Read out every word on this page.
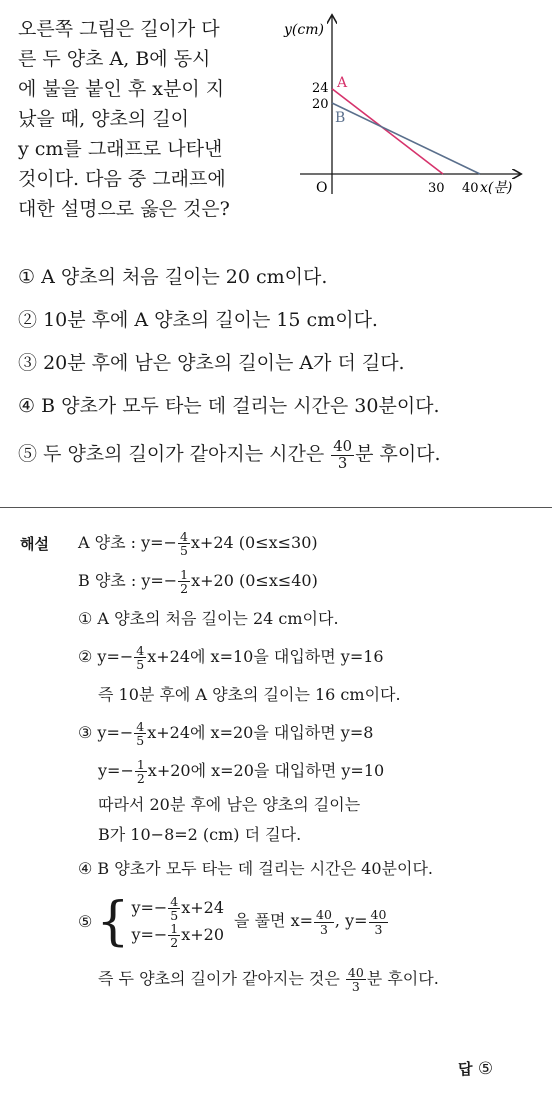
오른쪽 그림은 길이가 다
른 두 양초 A, B에 동시
에 불을 붙인 후 x분이 지
났을 때, 양초의 길이
y cm를 그래프로 나타낸
것이다. 다음 중 그래프에
대한 설명으로 옳은 것은?
y(cm)
x(분)
O
24
20
30 40
A
B
① A 양초의 처음 길이는 20 cm이다.
② 10분 후에 A 양초의 길이는 15 cm이다.
③ 20분 후에 남은 양초의 길이는 A가 더 길다.
④ B 양초가 모두 타는 데 걸리는 시간은 30분이다.
⑤ 두 양초의 길이가 같아지는 시간은 $\frac{40}{3}$ 분 후이다.
해설 A 양초 : $y=- \frac{4}{5} x+24$ (0≤x≤30)
B 양초 : $y=- \frac{1}{2} x+20$ (0≤x≤40)
① A 양초의 처음 길이는 24 cm이다.
② $y=- \frac{4}{5} x+24$에 x=10을 대입하면 y=16
즉 10분 후에 A 양초의 길이는 16 cm이다.
③ $y=- \frac{4}{5} x+24$에 x=20을 대입하면 y=8
$y=- \frac{1}{2} x+20$에 x=20을 대입하면 y=10
따라서 20분 후에 남은 양초의 길이는
B가 10−8=2 (cm) 더 길다.
④ B 양초가 모두 타는 데 걸리는 시간은 40분이다.
⑤ { $y=- \frac{4}{5} x+24$
$y=- \frac{1}{2} x+20$
을 풀면 $x= \frac{40}{3}$ , $y= \frac{40}{3}$
즉 두 양초의 길이가 같아지는 것은 $\frac{40}{3}$ 분 후이다.
답 ⑤
